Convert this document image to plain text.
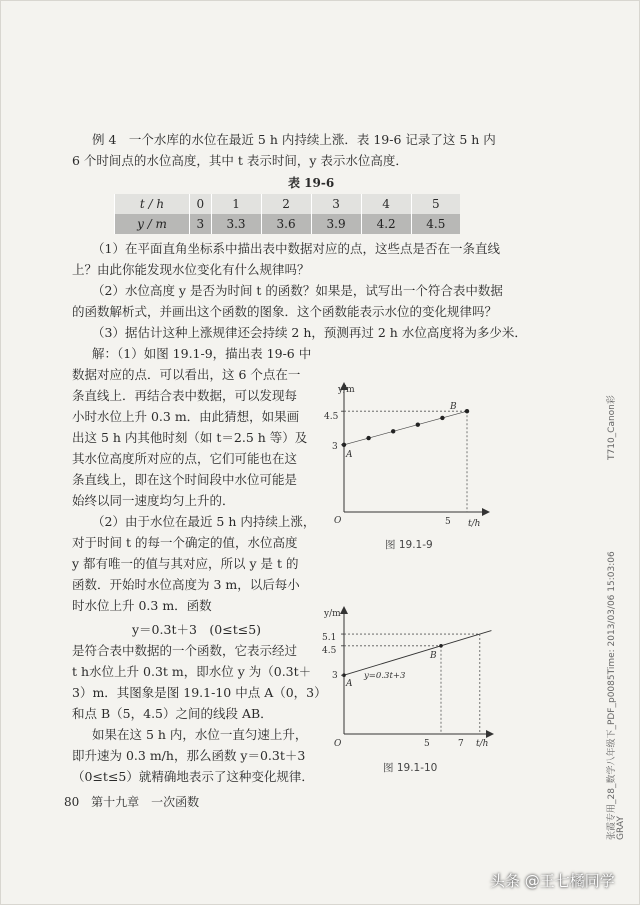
例 4　一个水库的水位在最近 5 h 内持续上涨．表 19-6 记录了这 5 h 内
6 个时间点的水位高度，其中 t 表示时间，y 表示水位高度．
表 19-6
t / h	0	1	2	3	4	5
y / m	3	3.3	3.6	3.9	4.2	4.5
（1）在平面直角坐标系中描出表中数据对应的点，这些点是否在一条直线
上？由此你能发现水位变化有什么规律吗？
（2）水位高度 y 是否为时间 t 的函数？如果是，试写出一个符合表中数据
的函数解析式，并画出这个函数的图象．这个函数能表示水位的变化规律吗？
（3）据估计这种上涨规律还会持续 2 h，预测再过 2 h 水位高度将为多少米．
解：（1）如图 19.1-9，描出表 19-6 中
数据对应的点．可以看出，这 6 个点在一
条直线上．再结合表中数据，可以发现每
小时水位上升 0.3 m．由此猜想，如果画
出这 5 h 内其他时刻（如 t＝2.5 h 等）及
其水位高度所对应的点，它们可能也在这
条直线上，即在这个时间段中水位可能是
始终以同一速度均匀上升的．
（2）由于水位在最近 5 h 内持续上涨，
对于时间 t 的每一个确定的值，水位高度
y 都有唯一的值与其对应，所以 y 是 t 的
函数．开始时水位高度为 3 m，以后每小
时水位上升 0.3 m．函数
y＝0.3t＋3　(0≤t≤5)
是符合表中数据的一个函数，它表示经过
t h水位上升 0.3t m，即水位 y 为（0.3t＋
3）m．其图象是图 19.1-10 中点 A（0，3）
和点 B（5，4.5）之间的线段 AB．
如果在这 5 h 内，水位一直匀速上升，
即升速为 0.3 m/h，那么函数 y＝0.3t＋3
（0≤t≤5）就精确地表示了这种变化规律．
y/m
t/h
O
4.5
3
5
A
B
图 19.1-9
y/m
t/h
O
5.1
4.5
3
5	7
A
B
y=0.3t+3
图 19.1-10
80 第十九章　一次函数
T710_Canon彩
张霞专用_28_数学八年级下_PDF_p0085Time: 2013/03/06 15:03:06 GRAY
头条 @王七橘同学
